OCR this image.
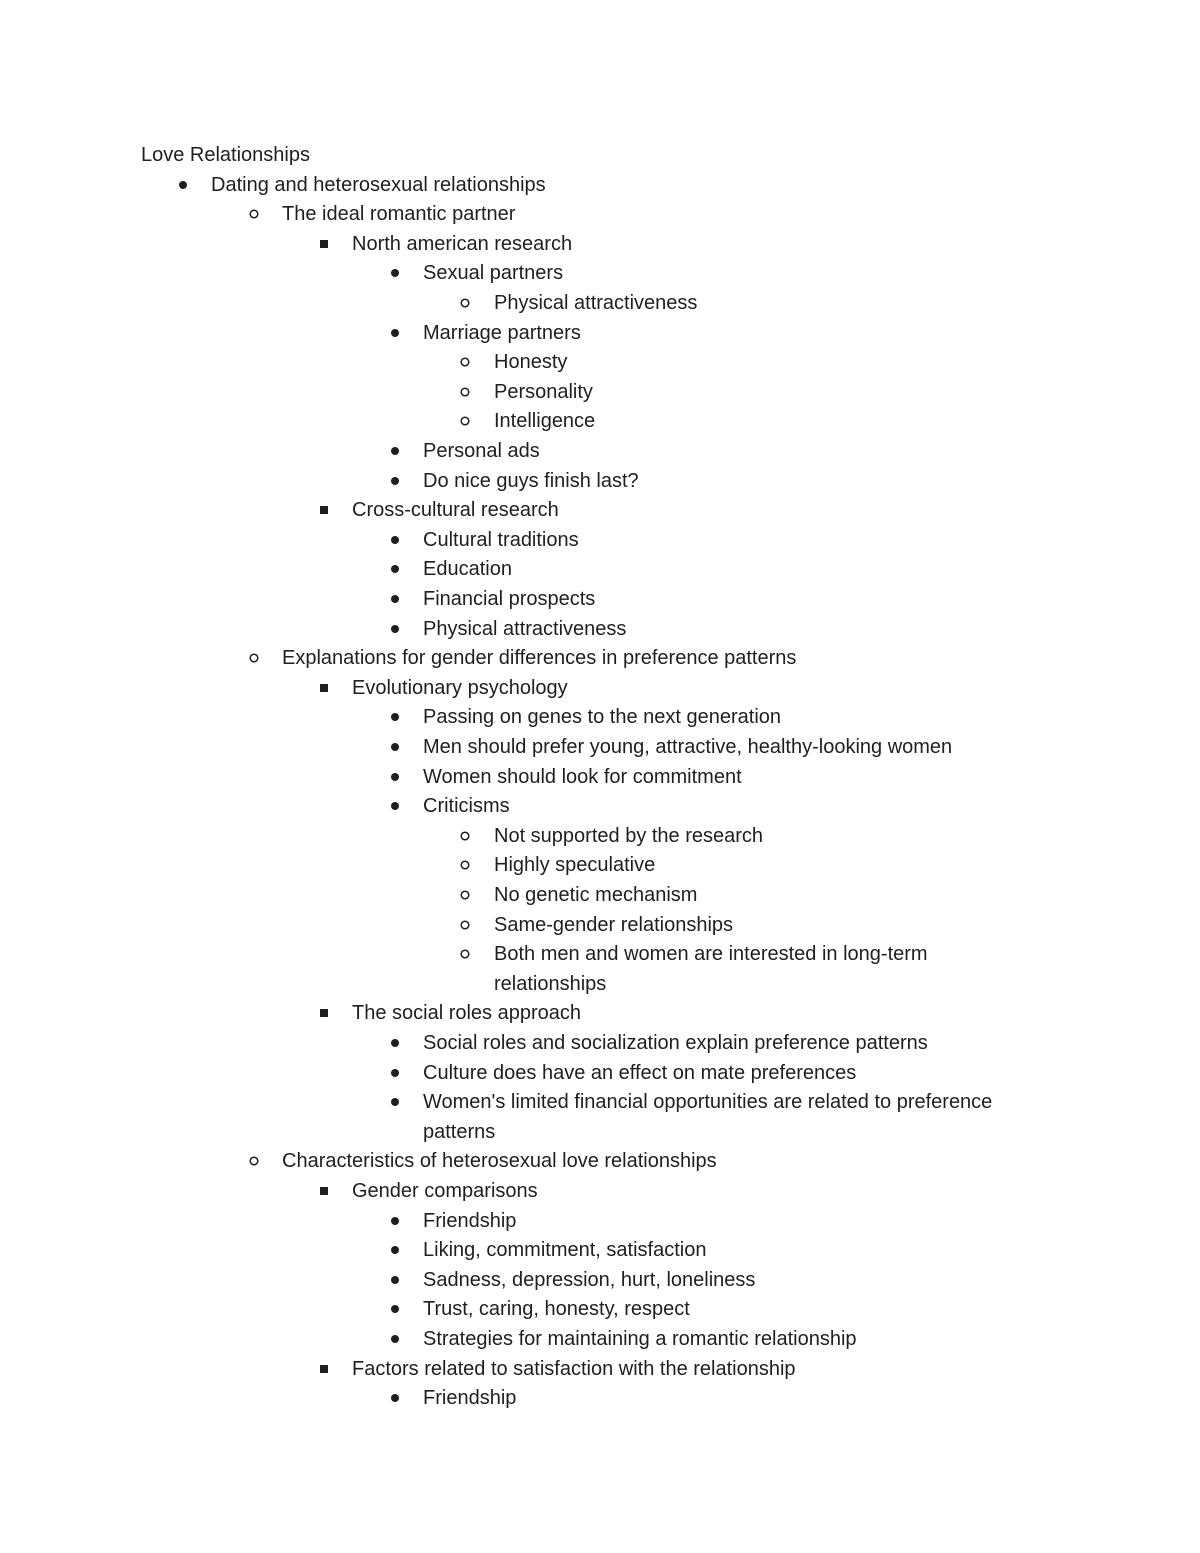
Love Relationships
Dating and heterosexual relationships
The ideal romantic partner
North american research
Sexual partners
Physical attractiveness
Marriage partners
Honesty
Personality
Intelligence
Personal ads
Do nice guys finish last?
Cross-cultural research
Cultural traditions
Education
Financial prospects
Physical attractiveness
Explanations for gender differences in preference patterns
Evolutionary psychology
Passing on genes to the next generation
Men should prefer young, attractive, healthy-looking women
Women should look for commitment
Criticisms
Not supported by the research
Highly speculative
No genetic mechanism
Same-gender relationships
Both men and women are interested in long-term
relationships
The social roles approach
Social roles and socialization explain preference patterns
Culture does have an effect on mate preferences
Women's limited financial opportunities are related to preference
patterns
Characteristics of heterosexual love relationships
Gender comparisons
Friendship
Liking, commitment, satisfaction
Sadness, depression, hurt, loneliness
Trust, caring, honesty, respect
Strategies for maintaining a romantic relationship
Factors related to satisfaction with the relationship
Friendship
